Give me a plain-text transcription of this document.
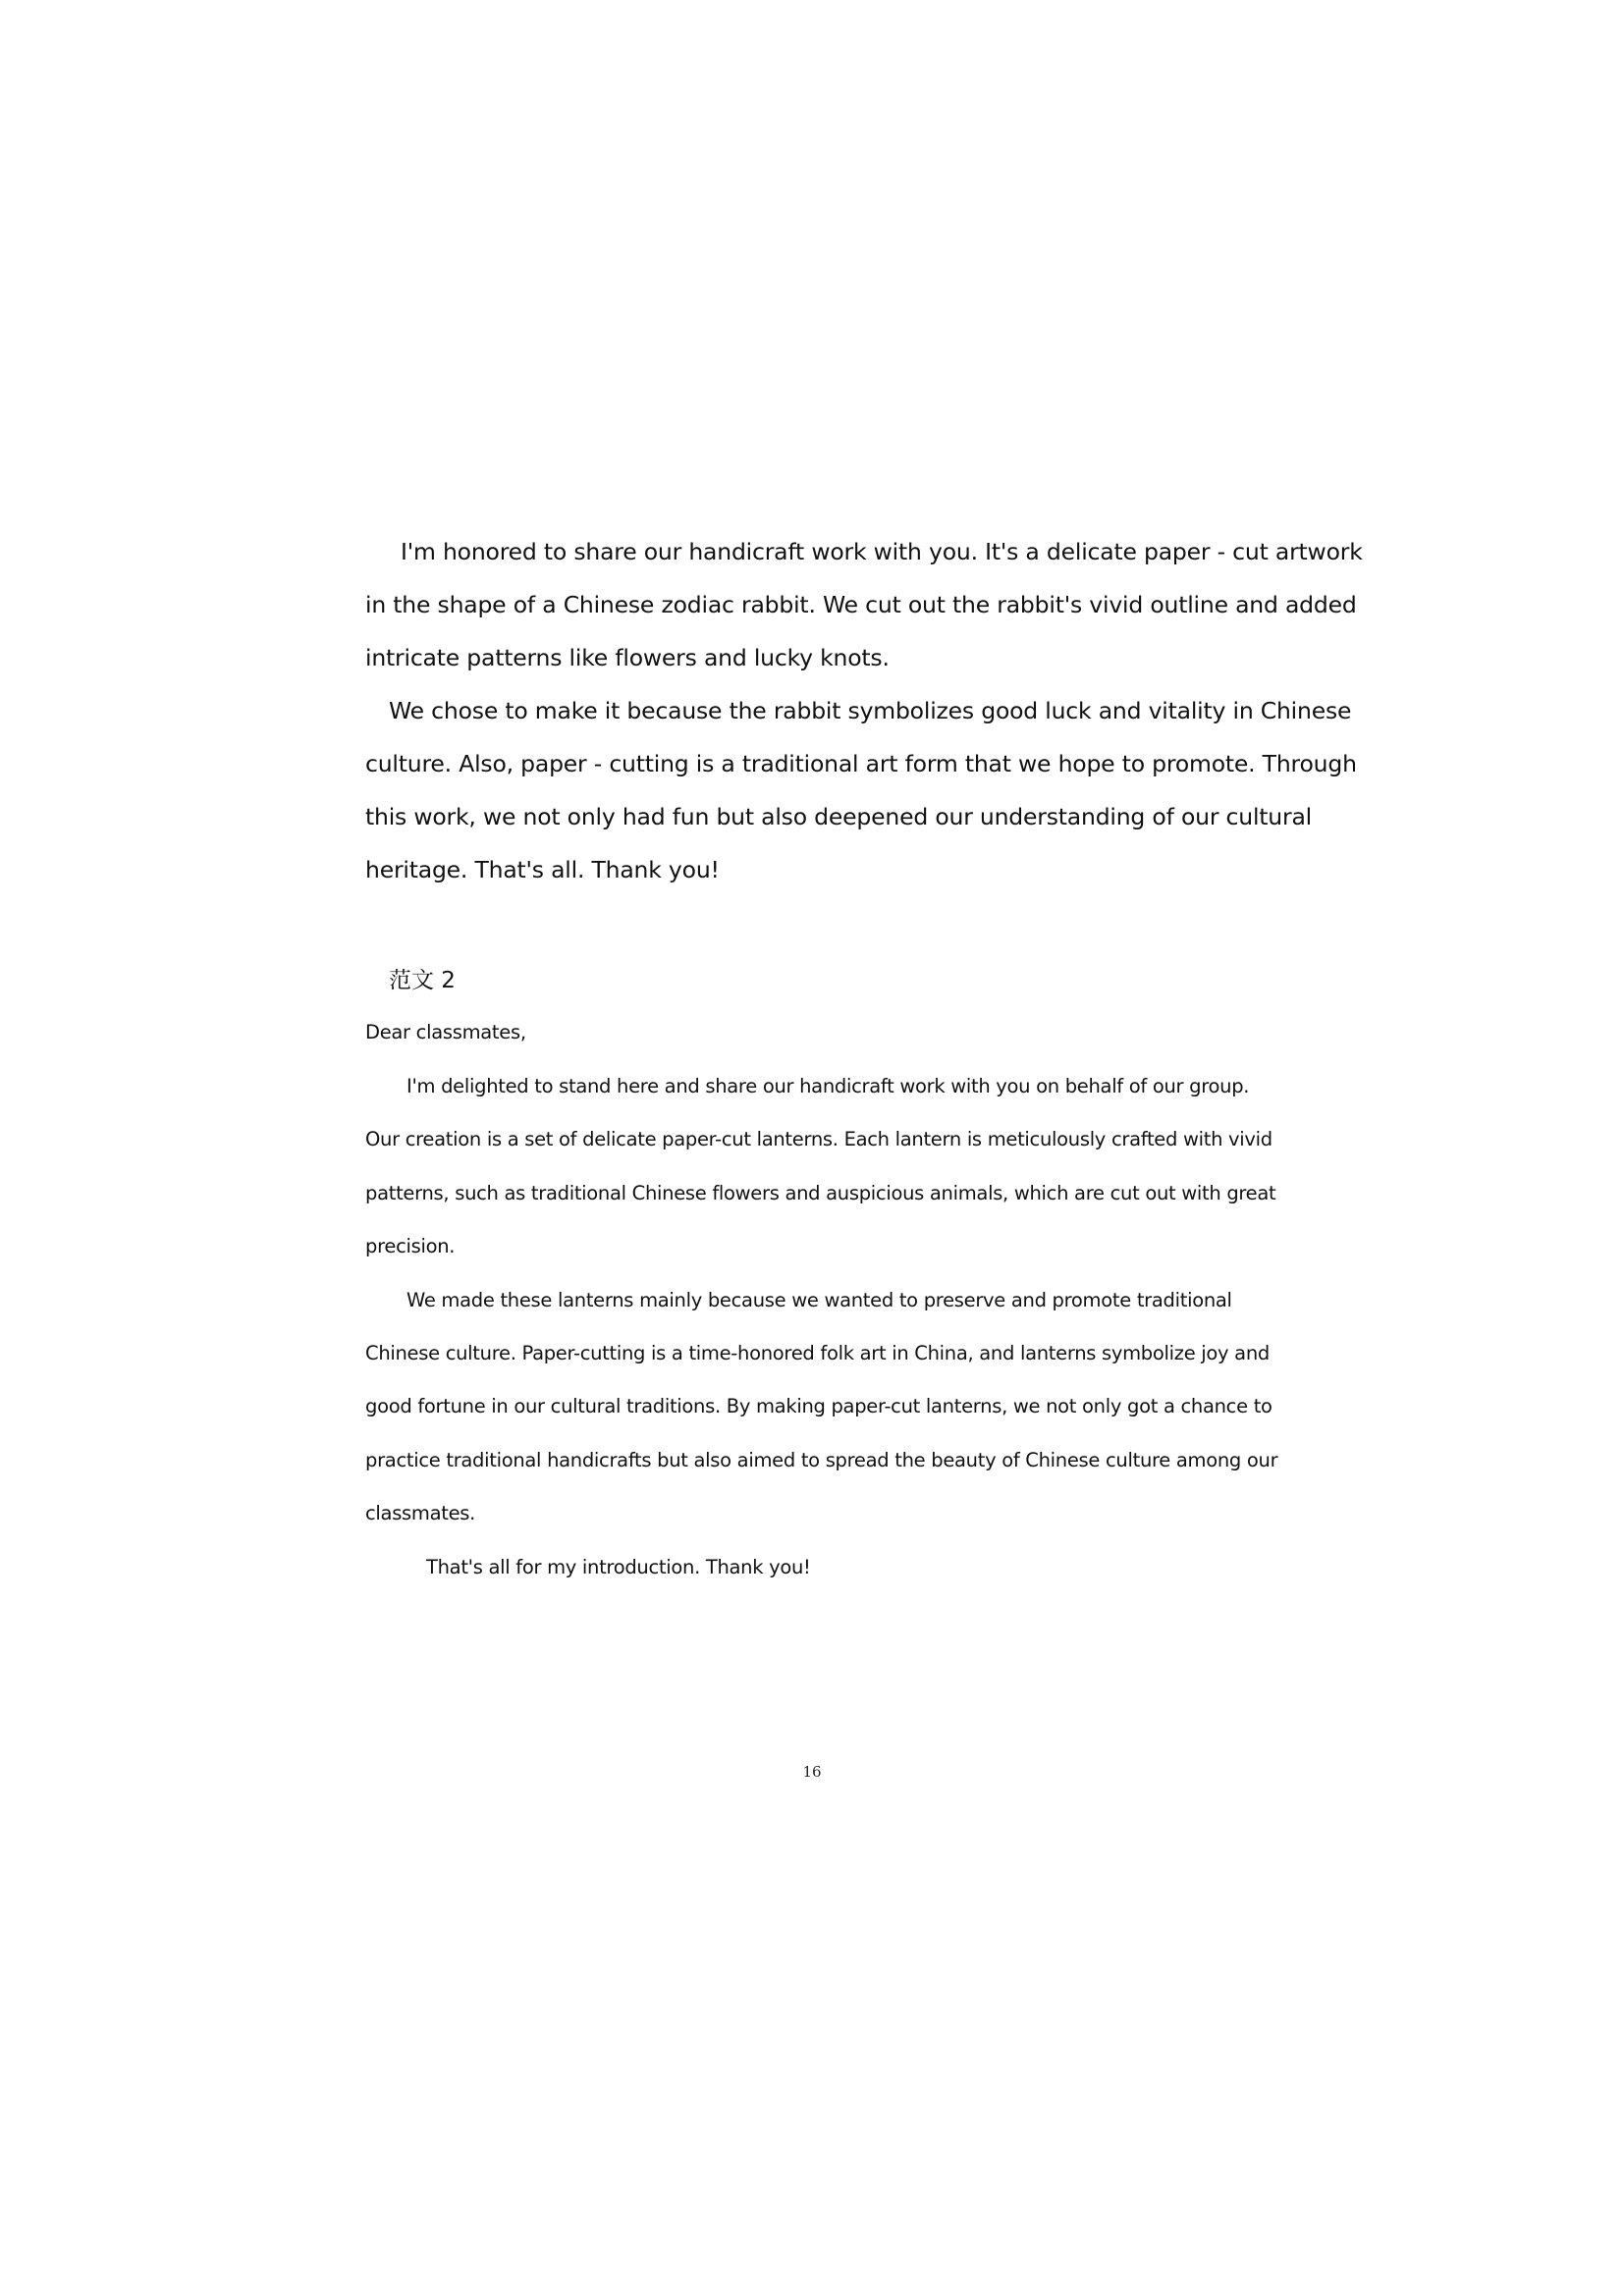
I'm honored to share our handicraft work with you. It's a delicate paper - cut artwork
in the shape of a Chinese zodiac rabbit. We cut out the rabbit's vivid outline and added
intricate patterns like flowers and lucky knots.
We chose to make it because the rabbit symbolizes good luck and vitality in Chinese
culture. Also, paper - cutting is a traditional art form that we hope to promote. Through
this work, we not only had fun but also deepened our understanding of our cultural
heritage. That's all. Thank you!
范文 2
Dear classmates,
I'm delighted to stand here and share our handicraft work with you on behalf of our group.
Our creation is a set of delicate paper-cut lanterns. Each lantern is meticulously crafted with vivid
patterns, such as traditional Chinese flowers and auspicious animals, which are cut out with great
precision.
We made these lanterns mainly because we wanted to preserve and promote traditional
Chinese culture. Paper-cutting is a time-honored folk art in China, and lanterns symbolize joy and
good fortune in our cultural traditions. By making paper-cut lanterns, we not only got a chance to
practice traditional handicrafts but also aimed to spread the beauty of Chinese culture among our
classmates.
That's all for my introduction. Thank you!
16
